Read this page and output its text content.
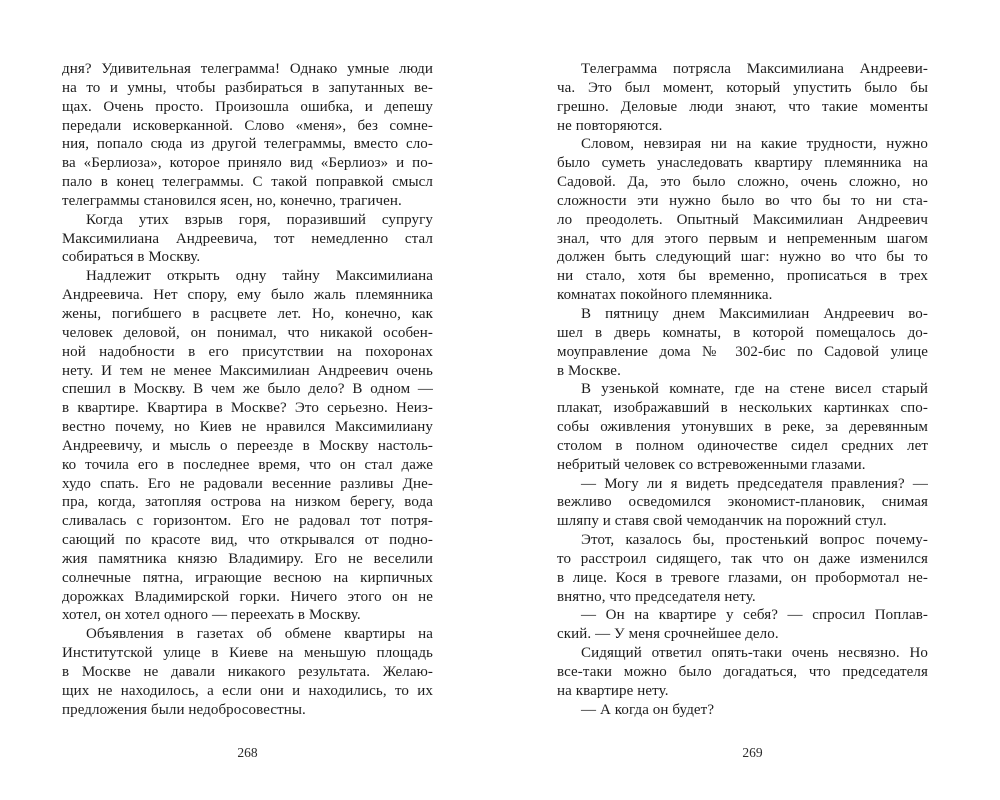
дня? Удивительная телеграмма! Однако умные люди
на то и умны, чтобы разбираться в запутанных ве-
щах. Очень просто. Произошла ошибка, и депешу
передали исковерканной. Слово «меня», без сомне-
ния, попало сюда из другой телеграммы, вместо сло-
ва «Берлиоза», которое приняло вид «Берлиоз» и по-
пало в конец телеграммы. С такой поправкой смысл
телеграммы становился ясен, но, конечно, трагичен.
Когда утих взрыв горя, поразивший супругу
Максимилиана Андреевича, тот немедленно стал
собираться в Москву.
Надлежит открыть одну тайну Максимилиана
Андреевича. Нет спору, ему было жаль племянника
жены, погибшего в расцвете лет. Но, конечно, как
человек деловой, он понимал, что никакой особен-
ной надобности в его присутствии на похоронах
нету. И тем не менее Максимилиан Андреевич очень
спешил в Москву. В чем же было дело? В одном —
в квартире. Квартира в Москве? Это серьезно. Неиз-
вестно почему, но Киев не нравился Максимилиану
Андреевичу, и мысль о переезде в Москву настоль-
ко точила его в последнее время, что он стал даже
худо спать. Его не радовали весенние разливы Дне-
пра, когда, затопляя острова на низком берегу, вода
сливалась с горизонтом. Его не радовал тот потря-
сающий по красоте вид, что открывался от подно-
жия памятника князю Владимиру. Его не веселили
солнечные пятна, играющие весною на кирпичных
дорожках Владимирской горки. Ничего этого он не
хотел, он хотел одного — переехать в Москву.
Объявления в газетах об обмене квартиры на
Институтской улице в Киеве на меньшую площадь
в Москве не давали никакого результата. Желаю-
щих не находилось, а если они и находились, то их
предложения были недобросовестны.
Телеграмма потрясла Максимилиана Андрееви-
ча. Это был момент, который упустить было бы
грешно. Деловые люди знают, что такие моменты
не повторяются.
Словом, невзирая ни на какие трудности, нужно
было суметь унаследовать квартиру племянника на
Садовой. Да, это было сложно, очень сложно, но
сложности эти нужно было во что бы то ни ста-
ло преодолеть. Опытный Максимилиан Андреевич
знал, что для этого первым и непременным шагом
должен быть следующий шаг: нужно во что бы то
ни стало, хотя бы временно, прописаться в трех
комнатах покойного племянника.
В пятницу днем Максимилиан Андреевич во-
шел в дверь комнаты, в которой помещалось до-
моуправление дома № 302-бис по Садовой улице
в Москве.
В узенькой комнате, где на стене висел старый
плакат, изображавший в нескольких картинках спо-
собы оживления утонувших в реке, за деревянным
столом в полном одиночестве сидел средних лет
небритый человек со встревоженными глазами.
— Могу ли я видеть председателя правления? —
вежливо осведомился экономист-плановик, снимая
шляпу и ставя свой чемоданчик на порожний стул.
Этот, казалось бы, простенький вопрос почему-
то расстроил сидящего, так что он даже изменился
в лице. Кося в тревоге глазами, он пробормотал не-
внятно, что председателя нету.
— Он на квартире у себя? — спросил Поплав-
ский. — У меня срочнейшее дело.
Сидящий ответил опять-таки очень несвязно. Но
все-таки можно было догадаться, что председателя
на квартире нету.
— А когда он будет?
268	269
